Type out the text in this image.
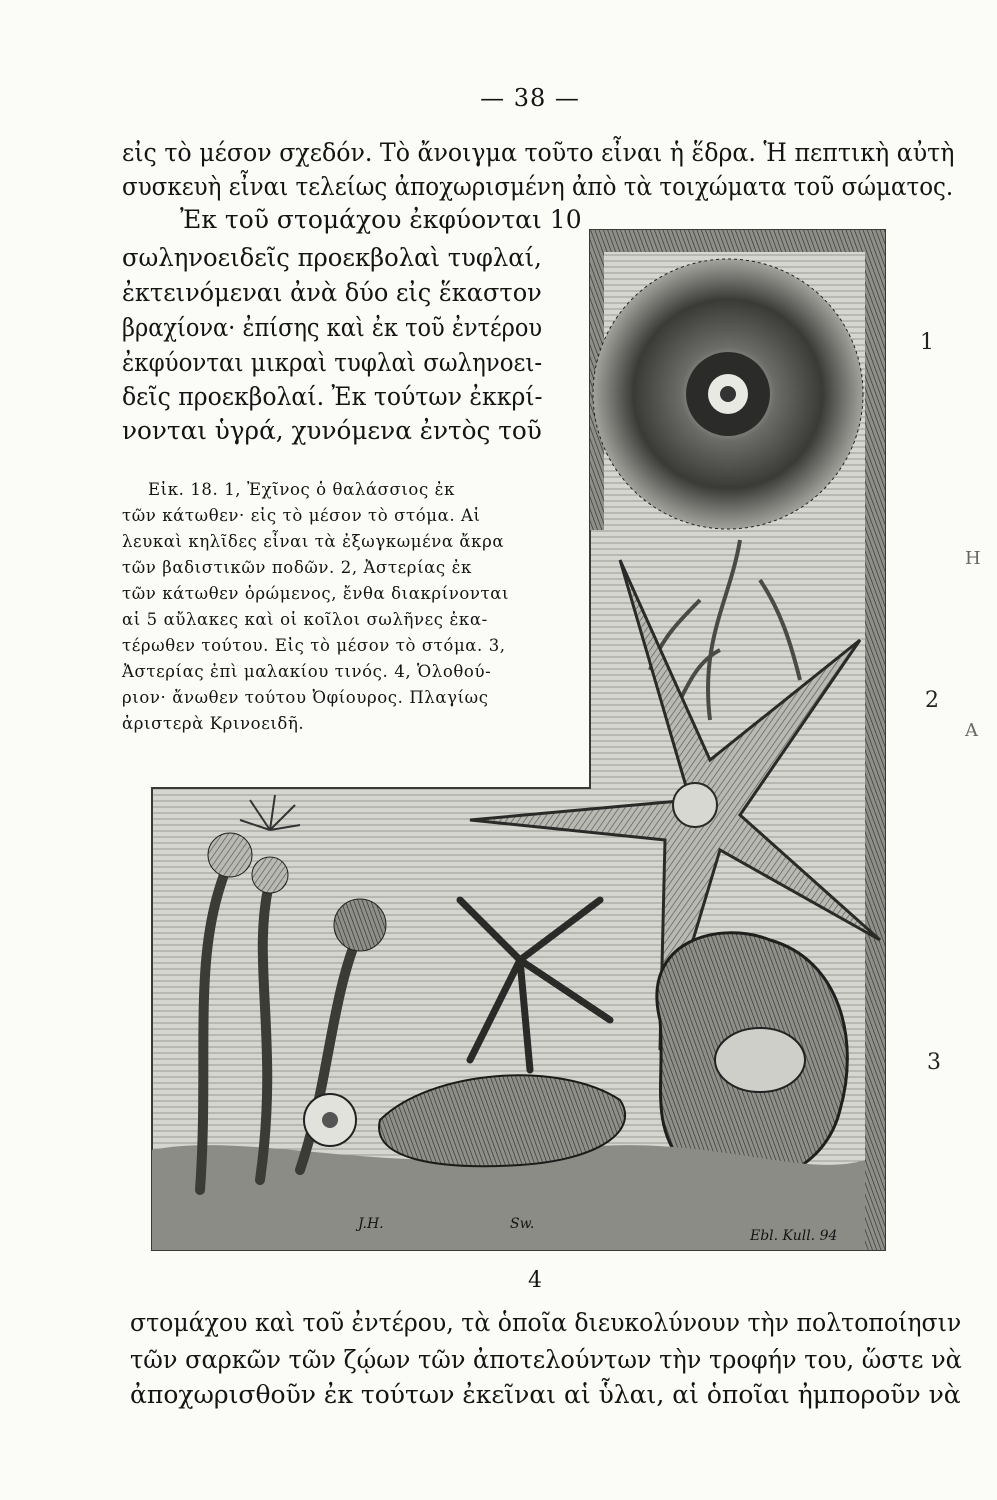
— 38 —
εἰς τὸ μέσον σχεδόν. Τὸ ἄνοιγμα τοῦτο εἶναι ἡ ἕδρα. Ἡ πεπτικὴ αὐτὴ
συσκευὴ εἶναι τελείως ἀποχωρισμένη ἀπὸ τὰ τοιχώματα τοῦ σώματος.
Ἐκ τοῦ στομάχου ἐκφύονται 10
σωληνοειδεῖς προεκβολαὶ τυφλαί,
ἐκτεινόμεναι ἀνὰ δύο εἰς ἕκαστον
βραχίονα· ἐπίσης καὶ ἐκ τοῦ ἐντέρου
ἐκφύονται μικραὶ τυφλαὶ σωληνοει-
δεῖς προεκβολαί. Ἐκ τούτων ἐκκρί-
νονται ὑγρά, χυνόμενα ἐντὸς τοῦ
Εἰκ. 18. 1, Ἐχῖνος ὁ θαλάσσιος ἐκ
τῶν κάτωθεν· εἰς τὸ μέσον τὸ στόμα. Αἱ
λευκαὶ κηλῖδες εἶναι τὰ ἐξωγκωμένα ἄκρα
τῶν βαδιστικῶν ποδῶν. 2, Ἀστερίας ἐκ
τῶν κάτωθεν ὁρώμενος, ἔνθα διακρίνονται
αἱ 5 αὔλακες καὶ οἱ κοῖλοι σωλῆνες ἑκα-
τέρωθεν τούτου. Εἰς τὸ μέσον τὸ στόμα. 3,
Ἀστερίας ἐπὶ μαλακίου τινός. 4, Ὁλοθού-
ριον· ἄνωθεν τούτου Ὀφίουρος. Πλαγίως
ἀριστερὰ Κρινοειδῆ.
J.H.	Sw.
Ebl. Kull. 94
1
2
3
Η
Α
4
στομάχου καὶ τοῦ ἐντέρου, τὰ ὁποῖα διευκολύνουν τὴν πολτοποίησιν
τῶν σαρκῶν τῶν ζῴων τῶν ἀποτελούντων τὴν τροφήν του, ὥστε νὰ
ἀποχωρισθοῦν ἐκ τούτων ἐκεῖναι αἱ ὗλαι, αἱ ὁποῖαι ἠμποροῦν νὰ
